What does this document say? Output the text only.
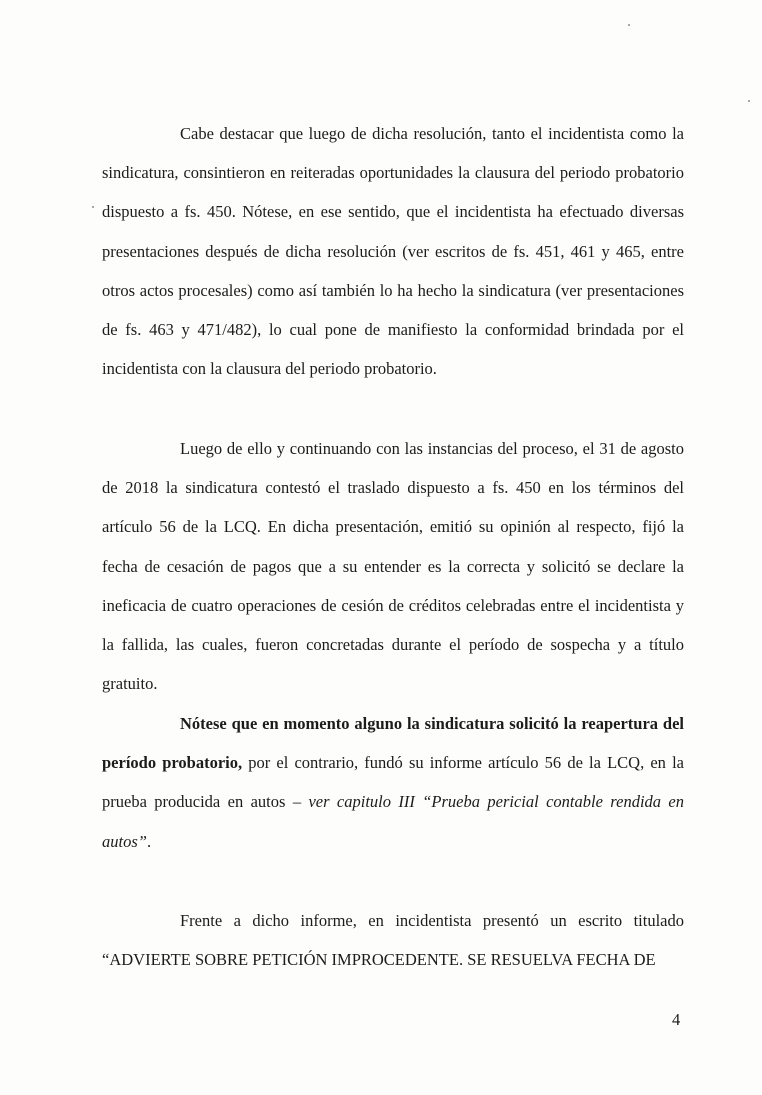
Cabe destacar que luego de dicha resolución, tanto el incidentista como la sindicatura, consintieron en reiteradas oportunidades la clausura del periodo probatorio dispuesto a fs. 450. Nótese, en ese sentido, que el incidentista ha efectuado diversas presentaciones después de dicha resolución (ver escritos de fs. 451, 461 y 465, entre otros actos procesales) como así también lo ha hecho la sindicatura (ver presentaciones de fs. 463 y 471/482), lo cual pone de manifiesto la conformidad brindada por el incidentista con la clausura del periodo probatorio.

Luego de ello y continuando con las instancias del proceso, el 31 de agosto de 2018 la sindicatura contestó el traslado dispuesto a fs. 450 en los términos del artículo 56 de la LCQ. En dicha presentación, emitió su opinión al respecto, fijó la fecha de cesación de pagos que a su entender es la correcta y solicitó se declare la ineficacia de cuatro operaciones de cesión de créditos celebradas entre el incidentista y la fallida, las cuales, fueron concretadas durante el período de sospecha y a título gratuito.

Nótese que en momento alguno la sindicatura solicitó la reapertura del período probatorio, por el contrario, fundó su informe artículo 56 de la LCQ, en la prueba producida en autos – ver capitulo III “Prueba pericial contable rendida en autos”.

Frente a dicho informe, en incidentista presentó un escrito titulado “ADVIERTE SOBRE PETICIÓN IMPROCEDENTE. SE RESUELVA FECHA DE

4
